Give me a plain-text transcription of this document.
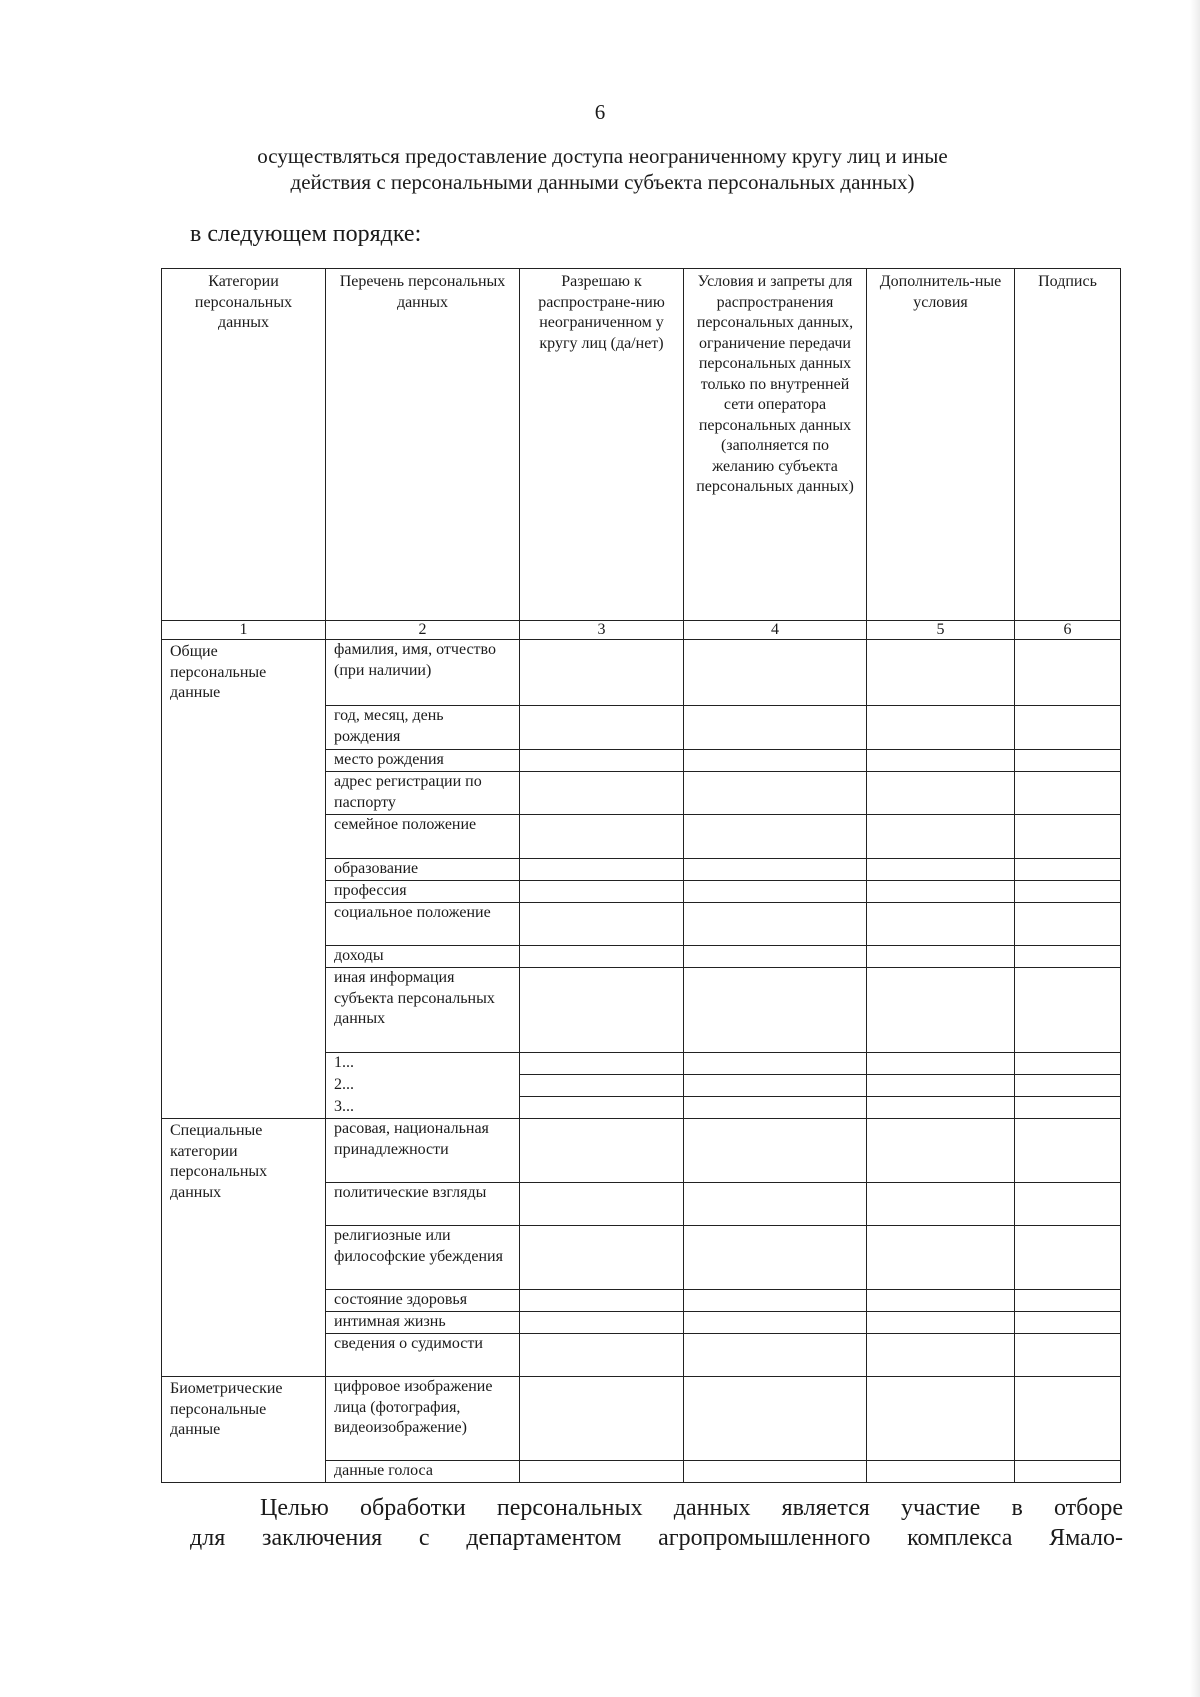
6
осуществляться предоставление доступа неограниченному кругу лиц и иные
действия с персональными данными субъекта персональных данных)
в следующем порядке:
Категории персональных данных	Перечень персональных данных	Разрешаю к распростране-нию неограниченном у кругу лиц (да/нет)	Условия и запреты для распространения персональных данных, ограничение передачи персональных данных только по внутренней сети оператора персональных данных (заполняется по желанию субъекта персональных данных)	Дополнитель-ные условия	Подпись
1	2	3	4	5	6
Общие персональные данные	фамилия, имя, отчество (при наличии)				
	год, месяц, день рождения				
	место рождения				
	адрес регистрации по паспорту				
	семейное положение				
	образование				
	профессия				
	социальное положение				
	доходы				
	иная информация субъекта персональных данных				
	1...				
	2...				
	3...				
Специальные категории персональных данных	расовая, национальная принадлежности				
	политические взгляды				
	религиозные или философские убеждения				
	состояние здоровья				
	интимная жизнь				
	сведения о судимости				
Биометрические персональные данные	цифровое изображение лица (фотография, видеоизображение)				
	данные голоса				

Целью обработки персональных данных является участие в отборе

для заключения с департаментом агропромышленного комплекса Ямало-
